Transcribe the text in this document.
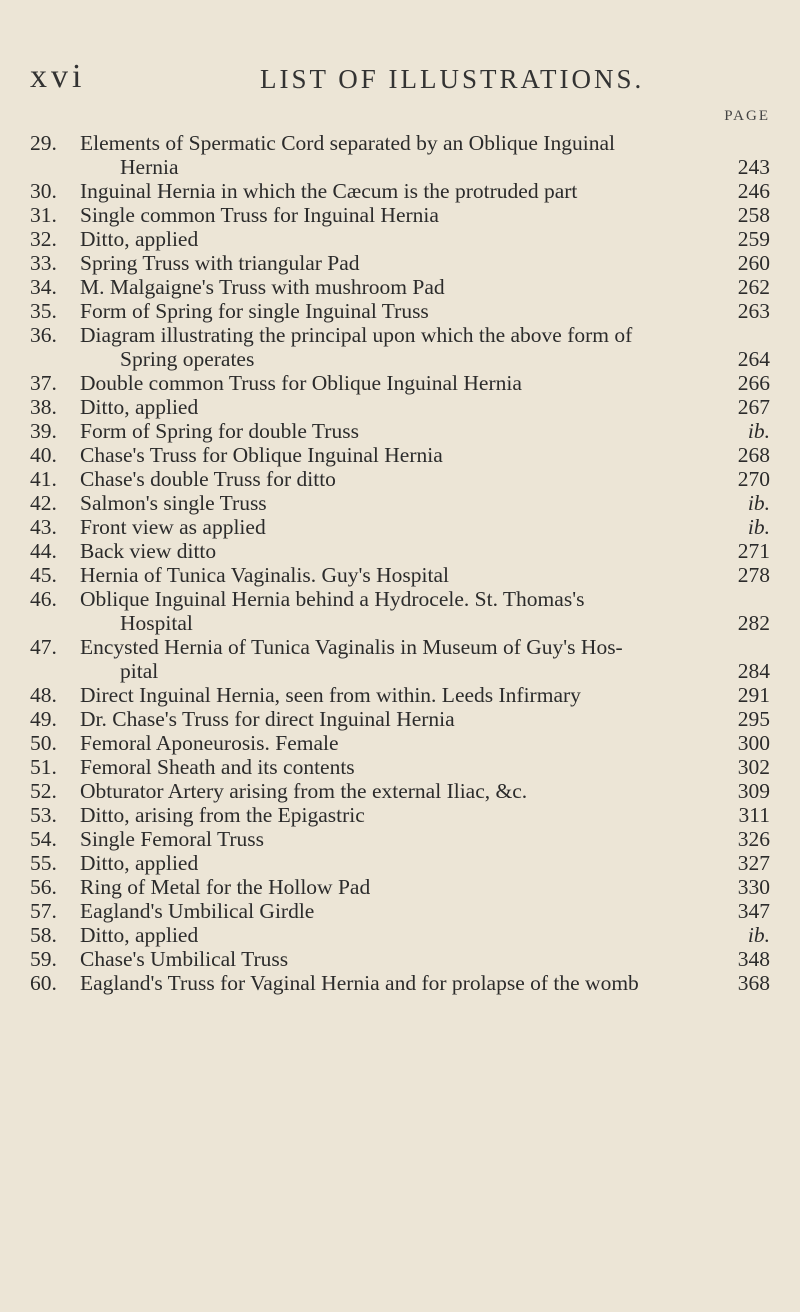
xvi	LIST OF ILLUSTRATIONS.
PAGE
29.	Elements of Spermatic Cord separated by an Oblique Inguinal
Hernia	243
30.	Inguinal Hernia in which the Cæcum is the protruded part	246
31.	Single common Truss for Inguinal Hernia	258
32.	Ditto, applied	259
33.	Spring Truss with triangular Pad	260
34.	M. Malgaigne's Truss with mushroom Pad	262
35.	Form of Spring for single Inguinal Truss	263
36.	Diagram illustrating the principal upon which the above form of
Spring operates	264
37.	Double common Truss for Oblique Inguinal Hernia	266
38.	Ditto, applied	267
39.	Form of Spring for double Truss	ib.
40.	Chase's Truss for Oblique Inguinal Hernia	268
41.	Chase's double Truss for ditto	270
42.	Salmon's single Truss	ib.
43.	Front view as applied	ib.
44.	Back view ditto	271
45.	Hernia of Tunica Vaginalis. Guy's Hospital	278
46.	Oblique Inguinal Hernia behind a Hydrocele. St. Thomas's
Hospital	282
47.	Encysted Hernia of Tunica Vaginalis in Museum of Guy's Hos-
pital	284
48.	Direct Inguinal Hernia, seen from within. Leeds Infirmary	291
49.	Dr. Chase's Truss for direct Inguinal Hernia	295
50.	Femoral Aponeurosis. Female	300
51.	Femoral Sheath and its contents	302
52.	Obturator Artery arising from the external Iliac, &c.	309
53.	Ditto, arising from the Epigastric	311
54.	Single Femoral Truss	326
55.	Ditto, applied	327
56.	Ring of Metal for the Hollow Pad	330
57.	Eagland's Umbilical Girdle	347
58.	Ditto, applied	ib.
59.	Chase's Umbilical Truss	348
60.	Eagland's Truss for Vaginal Hernia and for prolapse of the womb	368
